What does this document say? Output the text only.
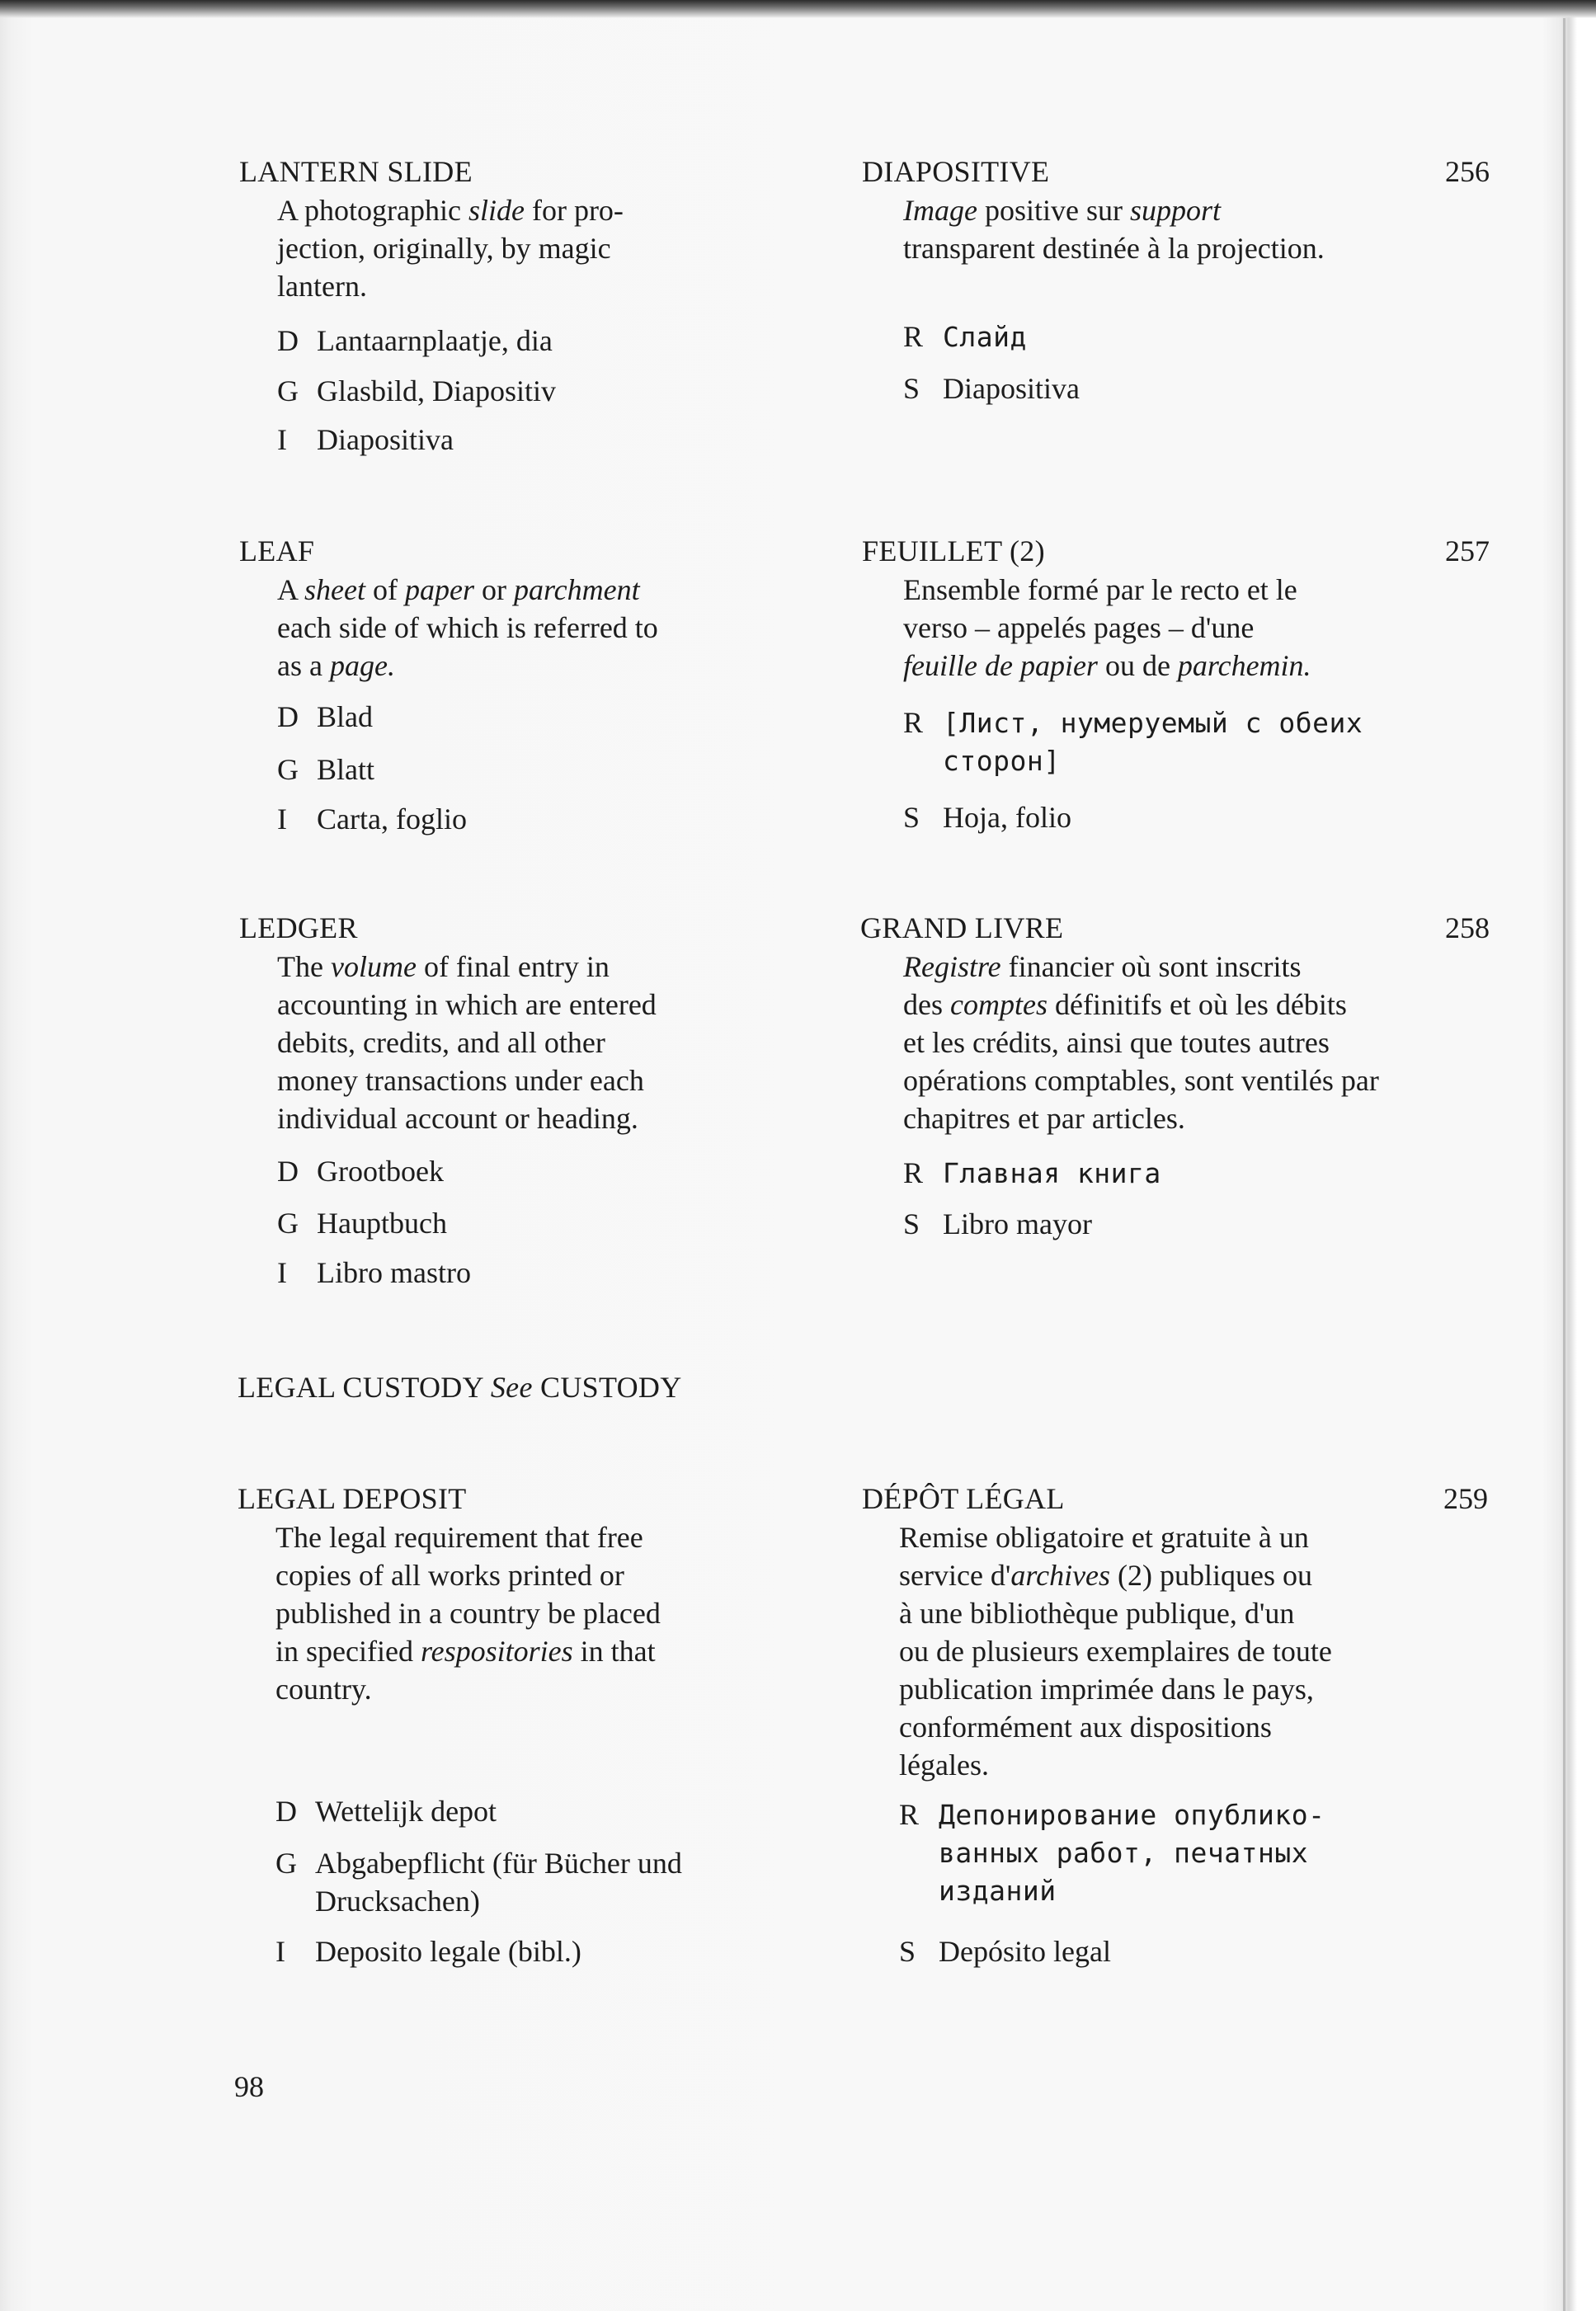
LANTERN SLIDE
A photographic slide for pro-
jection, originally, by magic
lantern.
D Lantaarnplaatje, dia
G Glasbild, Diapositiv
I Diapositiva
LEAF
A sheet of paper or parchment
each side of which is referred to
as a page.
D Blad
G Blatt
I Carta, foglio
LEDGER
The volume of final entry in
accounting in which are entered
debits, credits, and all other
money transactions under each
individual account or heading.
D Grootboek
G Hauptbuch
I Libro mastro
LEGAL CUSTODY See CUSTODY
LEGAL DEPOSIT
The legal requirement that free
copies of all works printed or
published in a country be placed
in specified respositories in that
country.
D Wettelijk depot
G Abgabepflicht (für Bücher und
Drucksachen)
I Deposito legale (bibl.)
DIAPOSITIVE	256
Image positive sur support
transparent destinée à la projection.
R Слайд
S Diapositiva
FEUILLET (2)	257
Ensemble formé par le recto et le
verso – appelés pages – d'une
feuille de papier ou de parchemin.
R [Лист, нумеруемый с обеих
сторон]
S Hoja, folio
GRAND LIVRE	258
Registre financier où sont inscrits
des comptes définitifs et où les débits
et les crédits, ainsi que toutes autres
opérations comptables, sont ventilés par
chapitres et par articles.
R Главная книга
S Libro mayor
DÉPÔT LÉGAL	259
Remise obligatoire et gratuite à un
service d'archives (2) publiques ou
à une bibliothèque publique, d'un
ou de plusieurs exemplaires de toute
publication imprimée dans le pays,
conformément aux dispositions
légales.
R Депонирование опублико-
ванных работ, печатных
изданий
S Depósito legal
98
